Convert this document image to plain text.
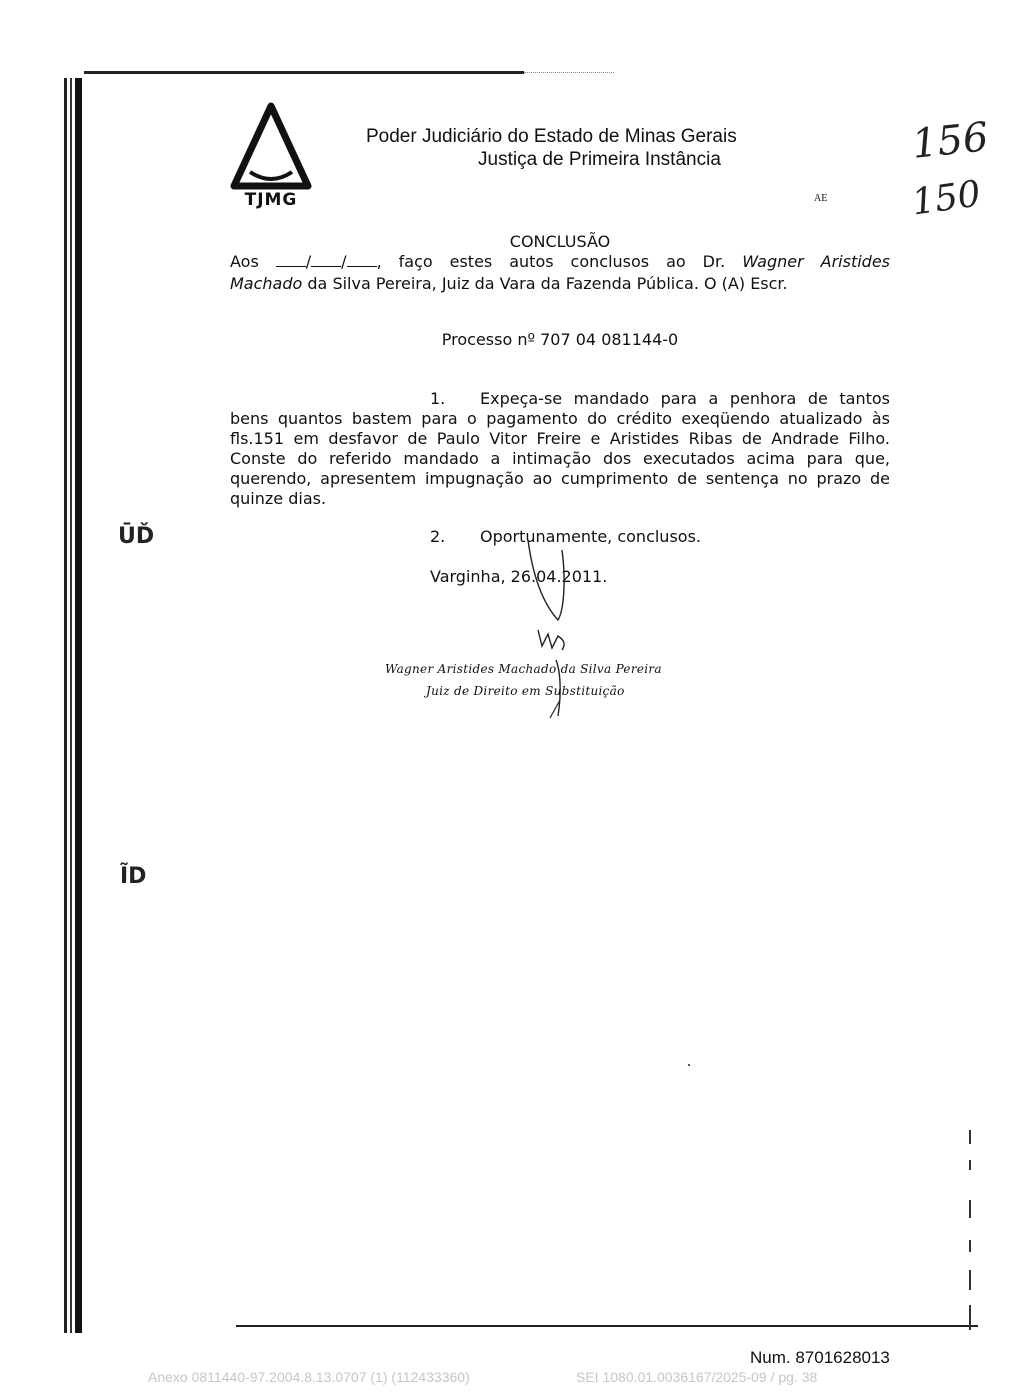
TJMG
Poder Judiciário do Estado de Minas Gerais
Justiça de Primeira Instância
AE
156
150
CONCLUSÃO
Aos	/ / , faço estes autos conclusos ao Dr. Wagner Aristides
Machado da Silva Pereira, Juiz da Vara da Fazenda Pública. O (A) Escr.
Processo nº 707 04 081144-0
1. Expeça-se mandado para a penhora de tantos bens quantos bastem para o pagamento do crédito exeqüendo atualizado às fls.151 em desfavor de Paulo Vitor Freire e Aristides Ribas de Andrade Filho. Conste do referido mandado a intimação dos executados acima para que, querendo, apresentem impugnação ao cumprimento de sentença no prazo de quinze dias.
2. Oportunamente, conclusos.
Varginha, 26.04.2011.
Wagner Aristides Machado da Silva Pereira
Juiz de Direito em Substituição
ŪĎ
ĨD
Num. 8701628013
Anexo 0811440-97.2004.8.13.0707 (1) (112433360)	SEI 1080.01.0036167/2025-09 / pg. 38
